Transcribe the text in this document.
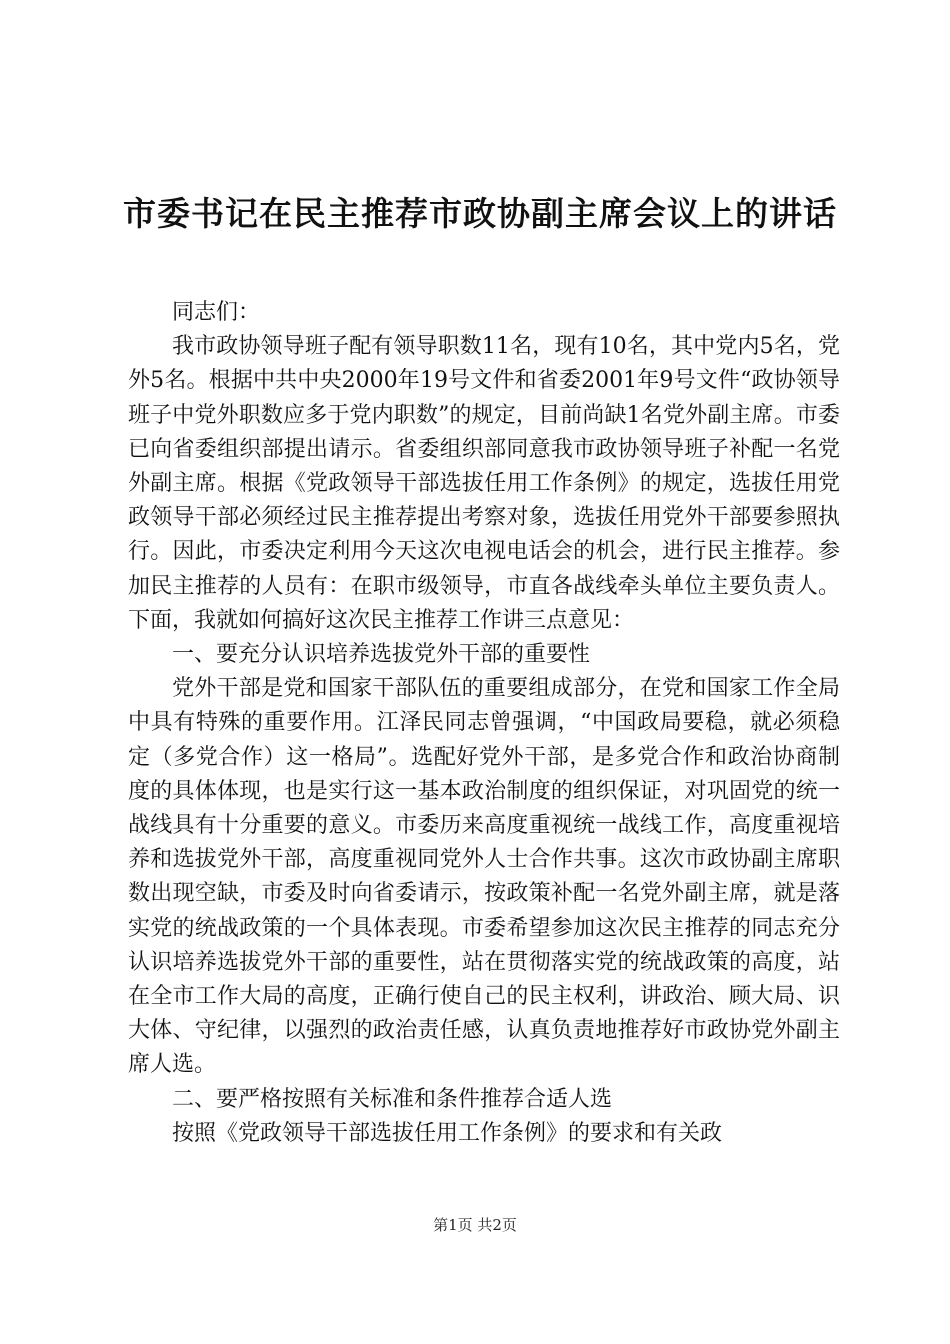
市委书记在民主推荐市政协副主席会议上的讲话

同志们：

我市政协领导班子配有领导职数11名，现有10名，其中党内5名，党外5名。根据中共中央2000年19号文件和省委2001年9号文件“政协领导班子中党外职数应多于党内职数”的规定，目前尚缺1名党外副主席。市委已向省委组织部提出请示。省委组织部同意我市政协领导班子补配一名党外副主席。根据《党政领导干部选拔任用工作条例》的规定，选拔任用党政领导干部必须经过民主推荐提出考察对象，选拔任用党外干部要参照执行。因此，市委决定利用今天这次电视电话会的机会，进行民主推荐。参加民主推荐的人员有：在职市级领导，市直各战线牵头单位主要负责人。下面，我就如何搞好这次民主推荐工作讲三点意见：

一、要充分认识培养选拔党外干部的重要性

党外干部是党和国家干部队伍的重要组成部分，在党和国家工作全局中具有特殊的重要作用。江泽民同志曾强调，“中国政局要稳，就必须稳定（多党合作）这一格局”。选配好党外干部，是多党合作和政治协商制度的具体体现，也是实行这一基本政治制度的组织保证，对巩固党的统一战线具有十分重要的意义。市委历来高度重视统一战线工作，高度重视培养和选拔党外干部，高度重视同党外人士合作共事。这次市政协副主席职数出现空缺，市委及时向省委请示，按政策补配一名党外副主席，就是落实党的统战政策的一个具体表现。市委希望参加这次民主推荐的同志充分认识培养选拔党外干部的重要性，站在贯彻落实党的统战政策的高度，站在全市工作大局的高度，正确行使自己的民主权利，讲政治、顾大局、识大体、守纪律，以强烈的政治责任感，认真负责地推荐好市政协党外副主席人选。

二、要严格按照有关标准和条件推荐合适人选

按照《党政领导干部选拔任用工作条例》的要求和有关政

第1页 共2页
